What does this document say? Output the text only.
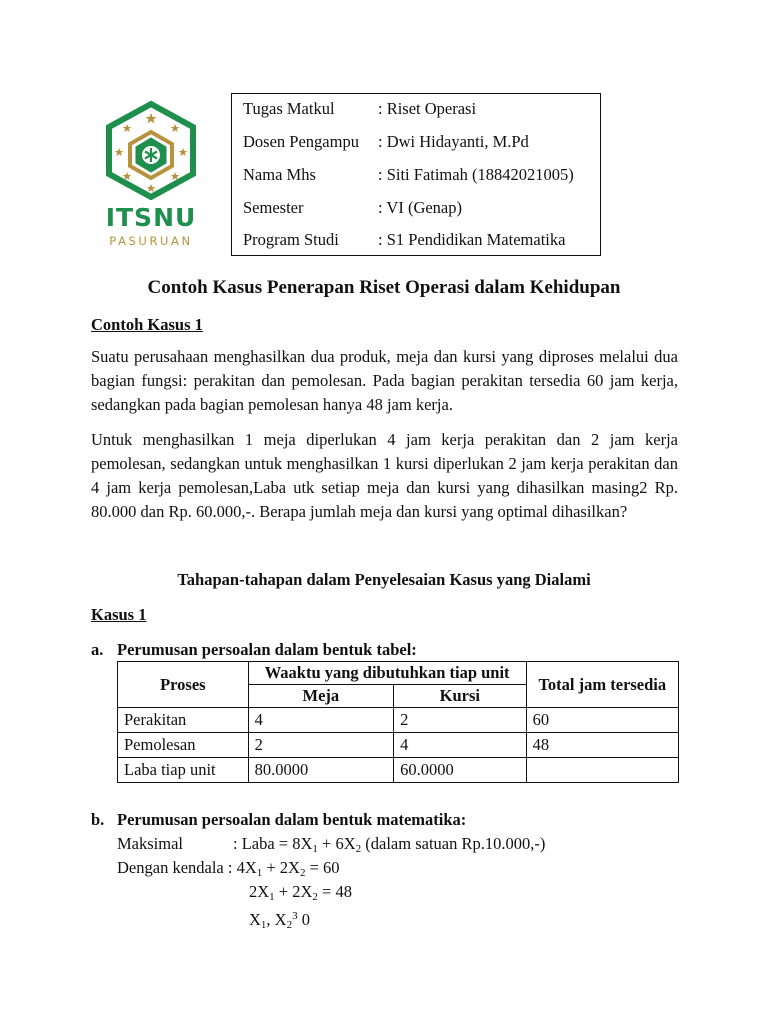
ITSNU
PASURUAN
Tugas Matkul	: Riset Operasi
Dosen Pengampu : Dwi Hidayanti, M.Pd
Nama Mhs	: Siti Fatimah (18842021005)
Semester	: VI (Genap)
Program Studi : S1 Pendidikan Matematika
Contoh Kasus Penerapan Riset Operasi dalam Kehidupan
Contoh Kasus 1
Suatu perusahaan menghasilkan dua produk, meja dan kursi yang diproses melalui dua bagian fungsi: perakitan dan pemolesan. Pada bagian perakitan tersedia 60 jam kerja, sedangkan pada bagian pemolesan hanya 48 jam kerja.
Untuk menghasilkan 1 meja diperlukan 4 jam kerja perakitan dan 2 jam kerja pemolesan, sedangkan untuk menghasilkan 1 kursi diperlukan 2 jam kerja perakitan dan 4 jam kerja pemolesan,Laba utk setiap meja dan kursi yang dihasilkan masing2 Rp. 80.000 dan Rp. 60.000,-. Berapa jumlah meja dan kursi yang optimal dihasilkan?
Tahapan-tahapan dalam Penyelesaian Kasus yang Dialami
Kasus 1
a. Perumusan persoalan dalam bentuk tabel:
Proses	Waaktu yang dibutuhkan tiap unit		Total jam tersedia
	Meja	Kursi	
Perakitan	4	2	60
Pemolesan	2	4	48
Laba tiap unit	80.0000	60.0000	
b. Perumusan persoalan dalam bentuk matematika:
Maksimal	: Laba = $8X_1 + 6X_2$ (dalam satuan Rp.10.000,-)
Dengan kendala : $4X_1 + 2X_2 = 60$
$2X_1 + 2X_2 = 48$
$X_1$, $X_2^3$ 0
